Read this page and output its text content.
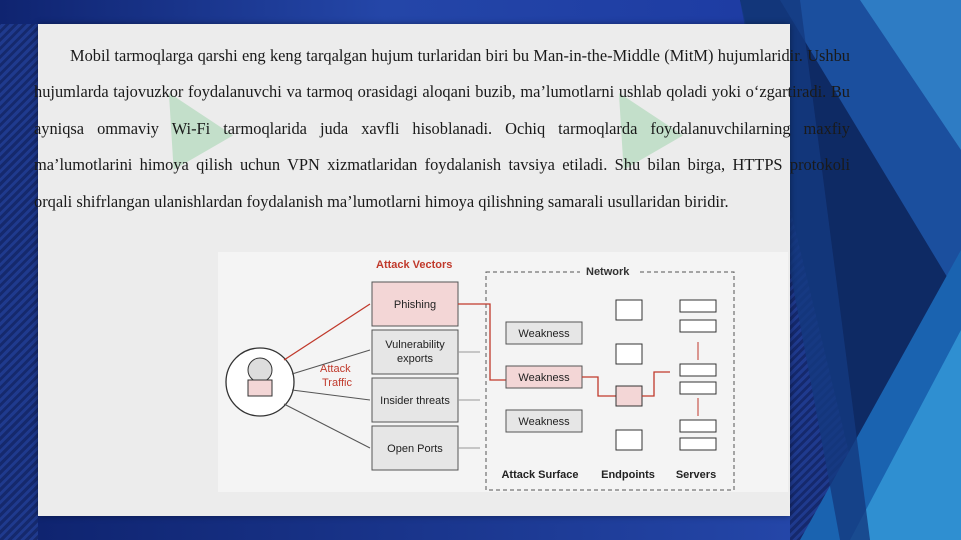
▲	▲

Mobil tarmoqlarga qarshi eng keng tarqalgan hujum turlaridan biri bu Man-in-the-Middle (MitM) hujumlaridir. Ushbu hujumlarda tajovuzkor foydalanuvchi va tarmoq orasidagi aloqani buzib, ma’lumotlarni ushlab qoladi yoki o‘zgartiradi. Bu ayniqsa ommaviy Wi-Fi tarmoqlarida juda xavfli hisoblanadi. Ochiq tarmoqlarda foydalanuvchilarning maxfiy ma’lumotlarini himoya qilish uchun VPN xizmatlaridan foydalanish tavsiya etiladi. Shu bilan birga, HTTPS protokoli orqali shifrlangan ulanishlardan foydalanish ma’lumotlarni himoya qilishning samarali usullaridan biridir.

Attack Vectors
Network
Attack
Traffic
Phishing
Vulnerability
exports
Insider threats
Open Ports
Weakness
Weakness
Weakness
Attack Surface Endpoints Servers
